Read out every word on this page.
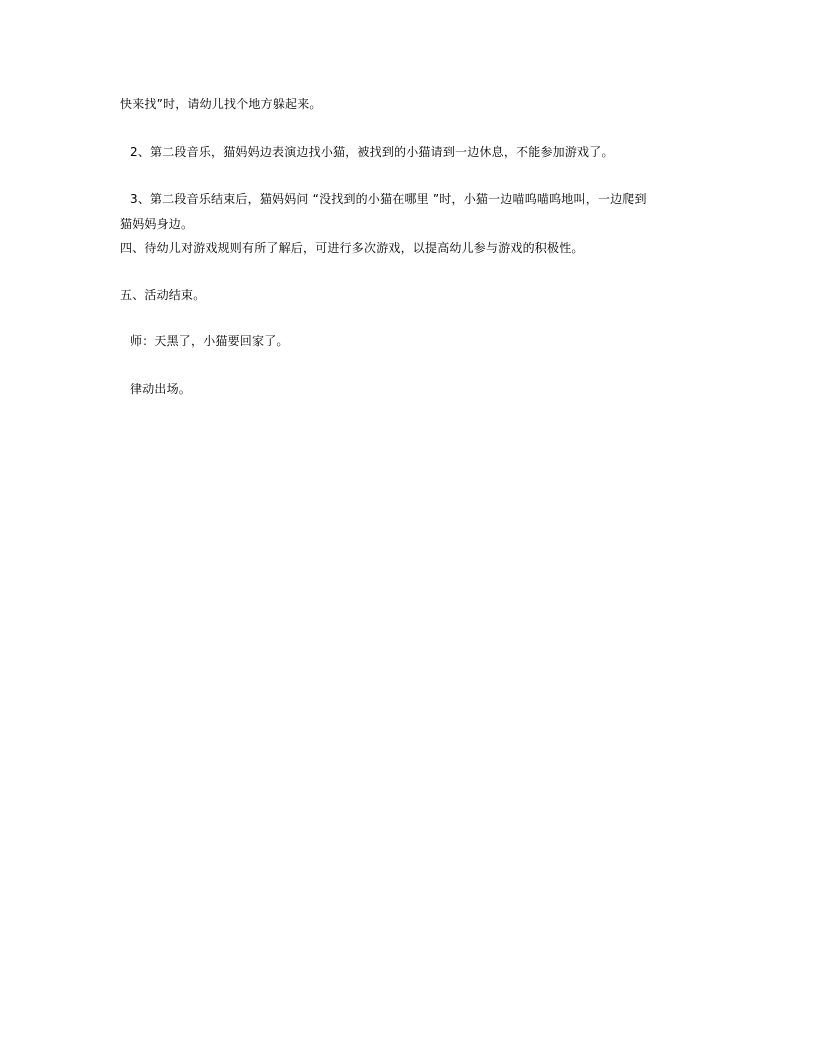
快来找”时，请幼儿找个地方躲起来。
2、第二段音乐，猫妈妈边表演边找小猫，被找到的小猫请到一边休息，不能参加游戏了。
3、第二段音乐结束后，猫妈妈问 “没找到的小猫在哪里 ”时，小猫一边喵呜喵呜地叫，一边爬到
猫妈妈身边。
四、待幼儿对游戏规则有所了解后，可进行多次游戏，以提高幼儿参与游戏的积极性。
五、活动结束。
师：天黑了，小猫要回家了。
律动出场。
